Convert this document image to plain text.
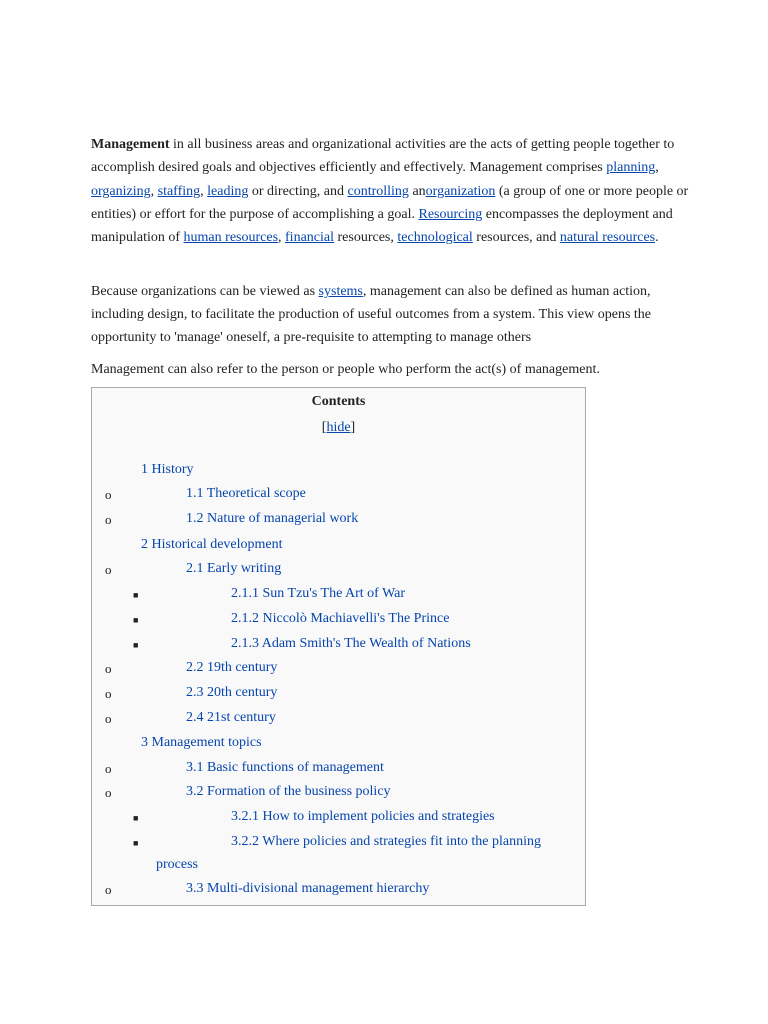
Management in all business areas and organizational activities are the acts of getting people together to accomplish desired goals and objectives efficiently and effectively. Management comprises planning, organizing, staffing, leading or directing, and controlling anorganization (a group of one or more people or entities) or effort for the purpose of accomplishing a goal. Resourcing encompasses the deployment and manipulation of human resources, financial resources, technological resources, and natural resources.

Because organizations can be viewed as systems, management can also be defined as human action, including design, to facilitate the production of useful outcomes from a system. This view opens the opportunity to 'manage' oneself, a pre-requisite to attempting to manage others

Management can also refer to the person or people who perform the act(s) of management.

Contents
[hide]
1 History
o	1.1 Theoretical scope
o	1.2 Nature of managerial work
2 Historical development
o	2.1 Early writing
■	2.1.1 Sun Tzu's The Art of War
■	2.1.2 Niccolò Machiavelli's The Prince
■	2.1.3 Adam Smith's The Wealth of Nations
o	2.2 19th century
o	2.3 20th century
o	2.4 21st century
3 Management topics
o	3.1 Basic functions of management
o	3.2 Formation of the business policy
■	3.2.1 How to implement policies and strategies
■	3.2.2 Where policies and strategies fit into the planning
process
o	3.3 Multi-divisional management hierarchy
